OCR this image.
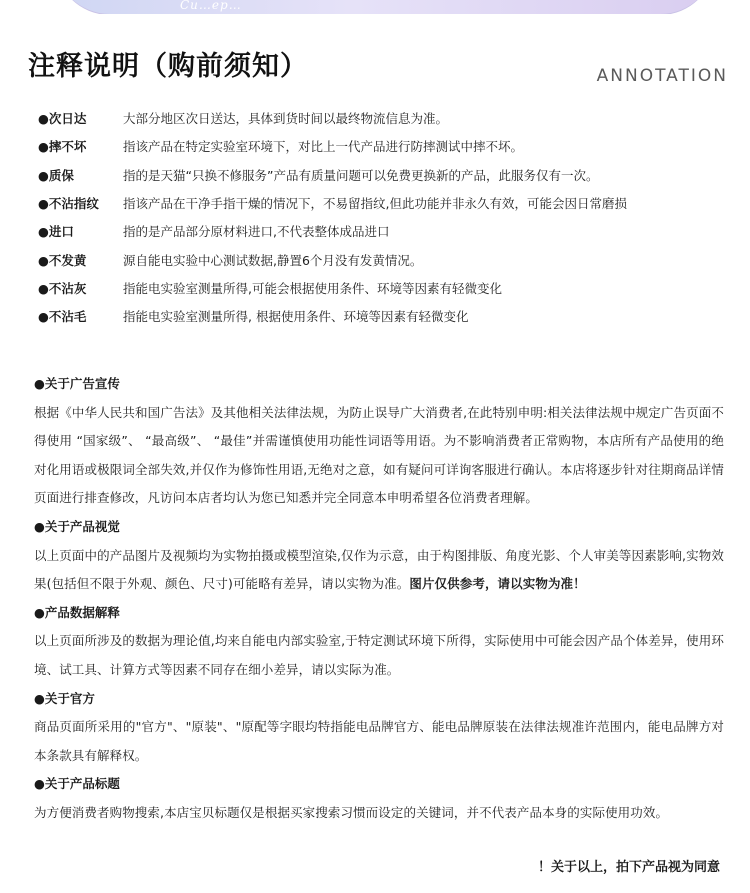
Cu…ep…
注释说明（购前须知）	ANNOTATION
●次日达	大部分地区次日送达，具体到货时间以最终物流信息为准。
●摔不坏	指该产品在特定实验室环境下，对比上一代产品进行防摔测试中摔不坏。
●质保	指的是天猫“只换不修服务”产品有质量问题可以免费更换新的产品，此服务仅有一次。
●不沾指纹	指该产品在干净手指干燥的情况下，不易留指纹,但此功能并非永久有效，可能会因日常磨损
●进口	指的是产品部分原材料进口,不代表整体成品进口
●不发黄	源自能电实验中心测试数据,静置6个月没有发黄情况。
●不沾灰	指能电实验室测量所得,可能会根据使用条件、环境等因素有轻微变化
●不沾毛	指能电实验室测量所得, 根据使用条件、环境等因素有轻微变化
●关于广告宣传
根据《中华人民共和国广告法》及其他相关法律法规，为防止误导广大消费者,在此特别申明:相关法律法规中规定广告页面不得使用 “国家级”、 “最高级”、 “最佳”并需谨慎使用功能性词语等用语。为不影响消费者正常购物，本店所有产品使用的绝对化用语或极限词全部失效,并仅作为修饰性用语,无绝对之意，如有疑问可详询客服进行确认。本店将逐步针对往期商品详情页面进行排查修改，凡访问本店者均认为您已知悉并完全同意本申明希望各位消费者理解。
●关于产品视觉
以上页面中的产品图片及视频均为实物拍摄或模型渲染,仅作为示意，由于构图排版、角度光影、个人审美等因素影响,实物效果(包括但不限于外观、颜色、尺寸)可能略有差异，请以实物为准。图片仅供参考，请以实物为准！
●产品数据解释
以上页面所涉及的数据为理论值,均来自能电内部实验室,于特定测试环境下所得，实际使用中可能会因产品个体差异，使用环境、试工具、计算方式等因素不同存在细小差异，请以实际为准。
●关于官方
商品页面所采用的"官方"、"原装"、"原配等字眼均特指能电品牌官方、能电品牌原装在法律法规准许范围内，能电品牌方对本条款具有解释权。
●关于产品标题
为方便消费者购物搜索,本店宝贝标题仅是根据买家搜索习惯而设定的关键词，并不代表产品本身的实际使用功效。
！关于以上，拍下产品视为同意
